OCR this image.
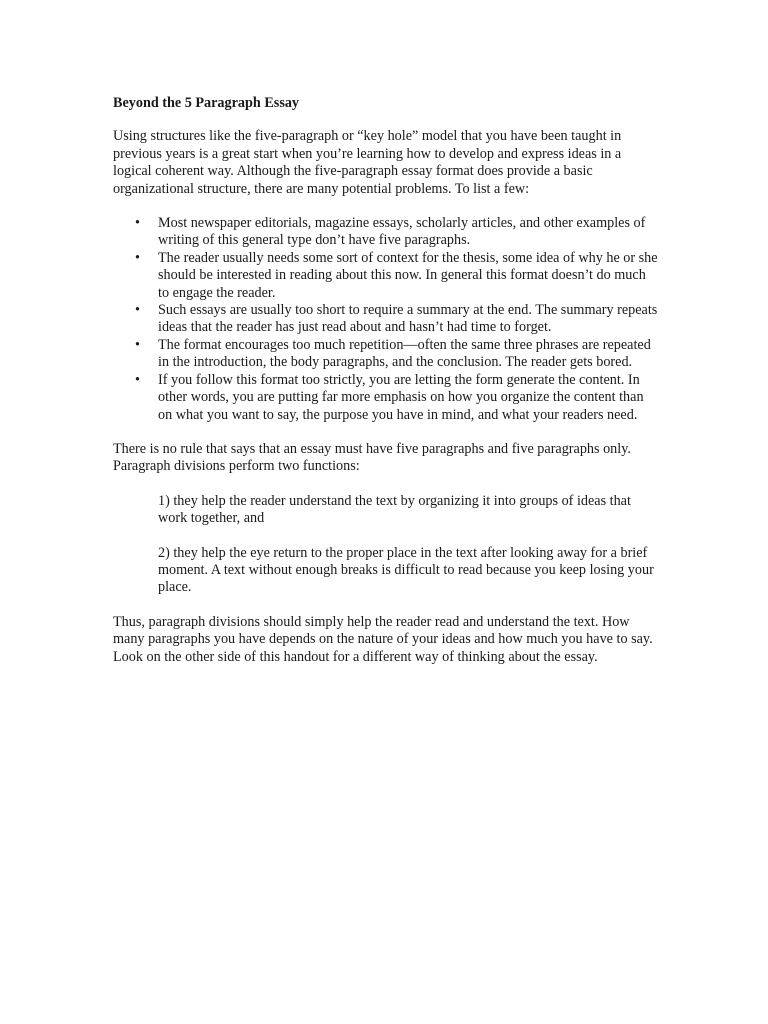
Beyond the 5 Paragraph Essay

Using structures like the five-paragraph or “key hole” model that you have been taught in previous years is a great start when you’re learning how to develop and express ideas in a logical coherent way. Although the five-paragraph essay format does provide a basic organizational structure, there are many potential problems. To list a few:

• Most newspaper editorials, magazine essays, scholarly articles, and other examples of writing of this general type don’t have five paragraphs.
• The reader usually needs some sort of context for the thesis, some idea of why he or she should be interested in reading about this now. In general this format doesn’t do much to engage the reader.
• Such essays are usually too short to require a summary at the end. The summary repeats ideas that the reader has just read about and hasn’t had time to forget.
• The format encourages too much repetition—often the same three phrases are repeated in the introduction, the body paragraphs, and the conclusion. The reader gets bored.
• If you follow this format too strictly, you are letting the form generate the content. In other words, you are putting far more emphasis on how you organize the content than on what you want to say, the purpose you have in mind, and what your readers need.

There is no rule that says that an essay must have five paragraphs and five paragraphs only. Paragraph divisions perform two functions:

1) they help the reader understand the text by organizing it into groups of ideas that work together, and

2) they help the eye return to the proper place in the text after looking away for a brief moment. A text without enough breaks is difficult to read because you keep losing your place.

Thus, paragraph divisions should simply help the reader read and understand the text. How many paragraphs you have depends on the nature of your ideas and how much you have to say. Look on the other side of this handout for a different way of thinking about the essay.
